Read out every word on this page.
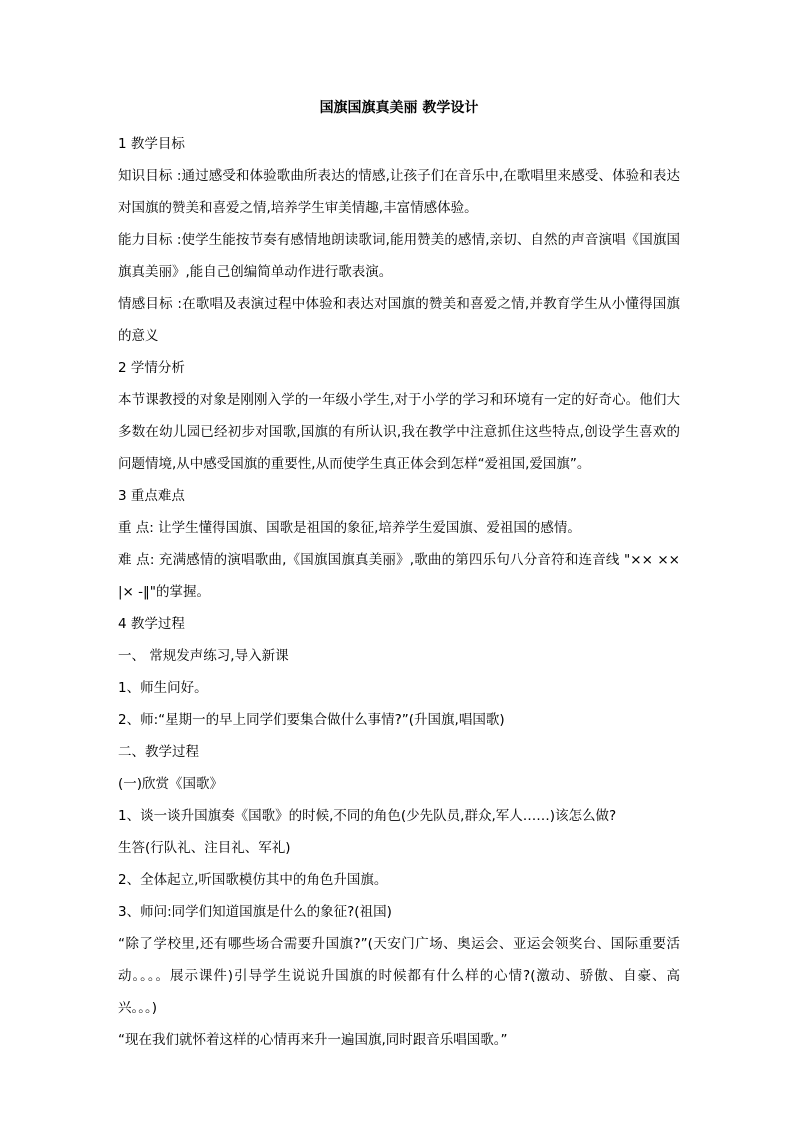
国旗国旗真美丽 教学设计

1 教学目标

知识目标 :通过感受和体验歌曲所表达的情感,让孩子们在音乐中,在歌唱里来感受、体验和表达对国旗的赞美和喜爱之情,培养学生审美情趣,丰富情感体验。

能力目标 :使学生能按节奏有感情地朗读歌词,能用赞美的感情,亲切、自然的声音演唱《国旗国旗真美丽》,能自己创编简单动作进行歌表演。

情感目标 :在歌唱及表演过程中体验和表达对国旗的赞美和喜爱之情,并教育学生从小懂得国旗的意义

2 学情分析

本节课教授的对象是刚刚入学的一年级小学生,对于小学的学习和环境有一定的好奇心。他们大多数在幼儿园已经初步对国歌,国旗的有所认识,我在教学中注意抓住这些特点,创设学生喜欢的问题情境,从中感受国旗的重要性,从而使学生真正体会到怎样“爱祖国,爱国旗”。

3 重点难点

重 点: 让学生懂得国旗、国歌是祖国的象征,培养学生爱国旗、爱祖国的感情。

难 点: 充满感情的演唱歌曲,《国旗国旗真美丽》,歌曲的第四乐句八分音符和连音线 "×× ×× |× -‖"的掌握。

4 教学过程

一、 常规发声练习,导入新课

1、师生问好。

2、师:“星期一的早上同学们要集合做什么事情?”(升国旗,唱国歌)

二、教学过程

(一)欣赏《国歌》

1、谈一谈升国旗奏《国歌》的时候,不同的角色(少先队员,群众,军人……)该怎么做?

生答(行队礼、注目礼、军礼)

2、全体起立,听国歌模仿其中的角色升国旗。

3、师问:同学们知道国旗是什么的象征?(祖国)

“除了学校里,还有哪些场合需要升国旗?”(天安门广场、奥运会、亚运会领奖台、国际重要活动。。。。展示课件)引导学生说说升国旗的时候都有什么样的心情?(激动、骄傲、自豪、高兴。。。)

“现在我们就怀着这样的心情再来升一遍国旗,同时跟音乐唱国歌。”
